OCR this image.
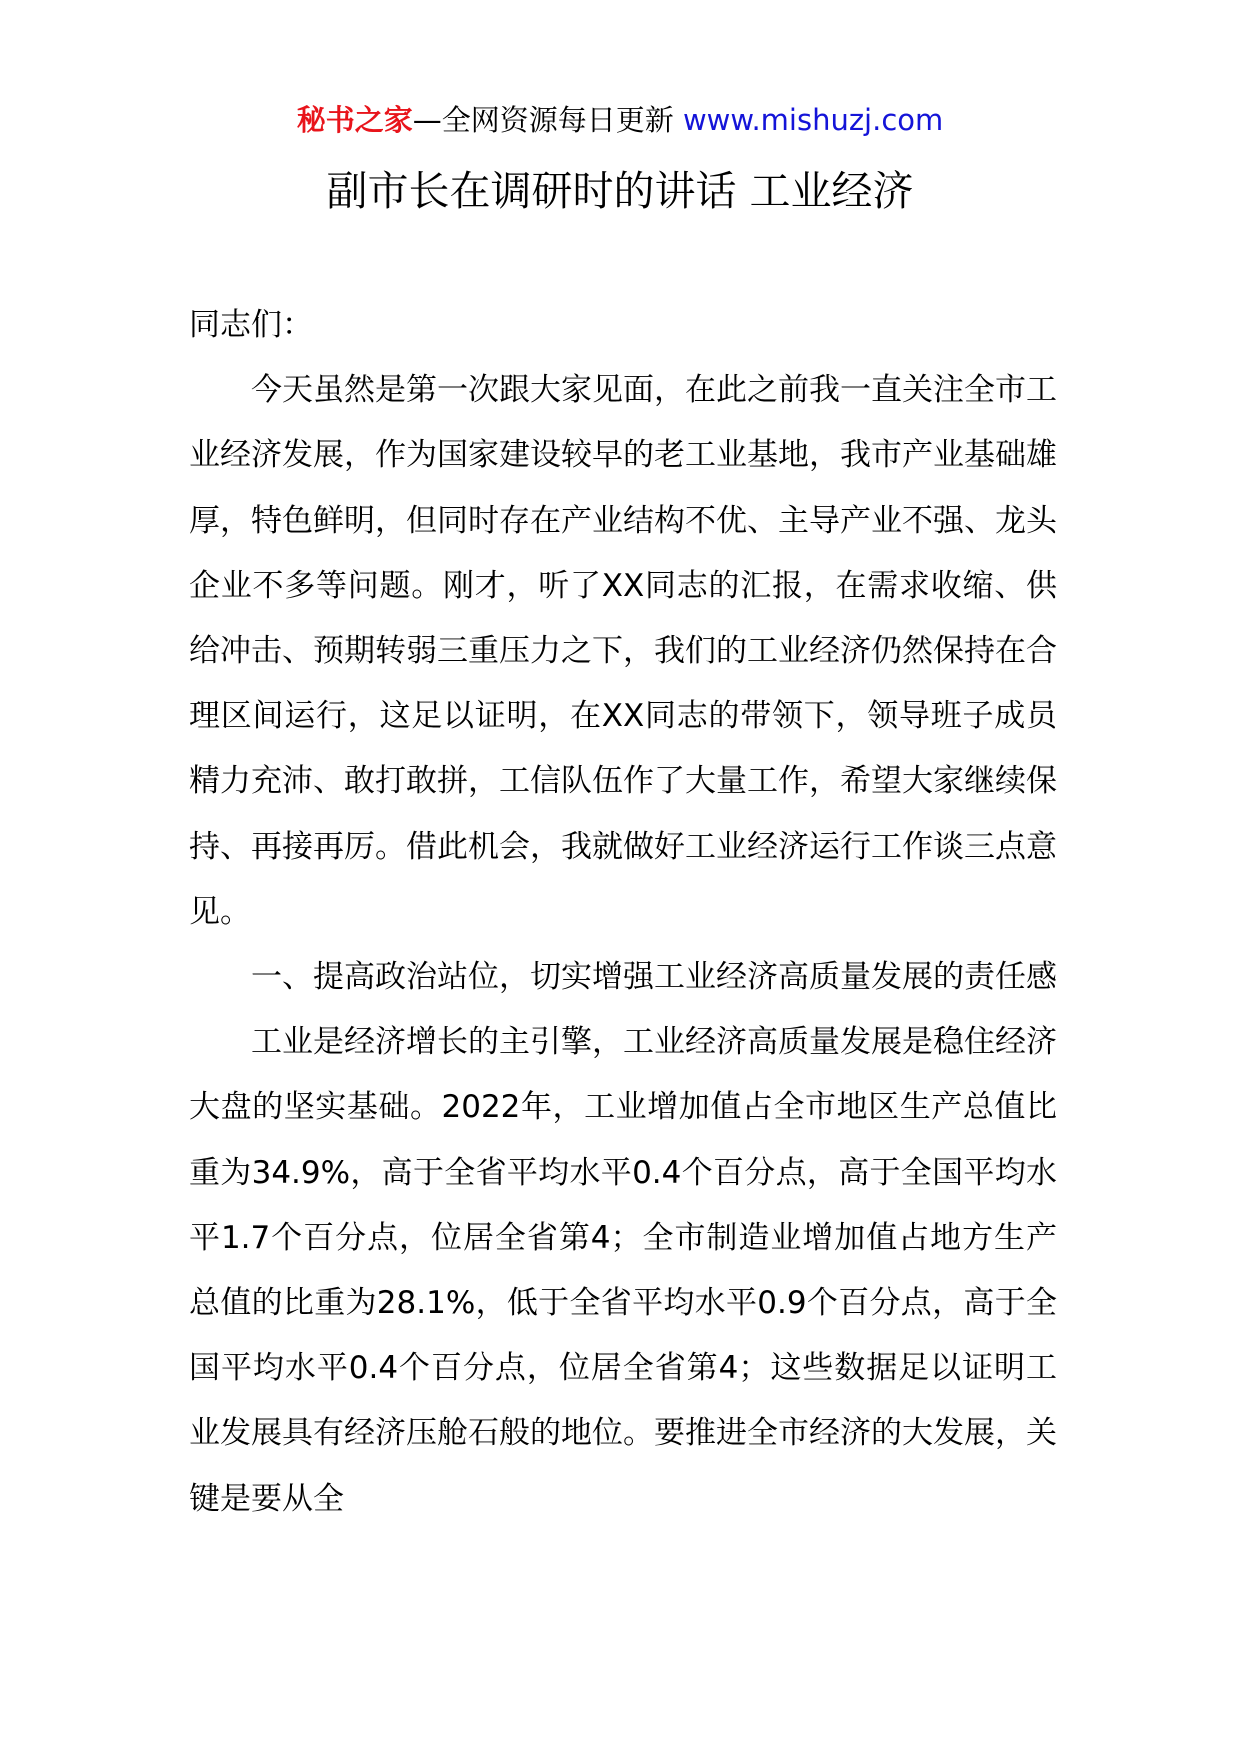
秘书之家—全网资源每日更新 www.mishuzj.com
副市长在调研时的讲话 工业经济

同志们：

今天虽然是第一次跟大家见面，在此之前我一直关注全市工业经济发展，作为国家建设较早的老工业基地，我市产业基础雄厚，特色鲜明，但同时存在产业结构不优、主导产业不强、龙头企业不多等问题。刚才，听了XX同志的汇报，在需求收缩、供给冲击、预期转弱三重压力之下，我们的工业经济仍然保持在合理区间运行，这足以证明，在XX同志的带领下，领导班子成员精力充沛、敢打敢拼，工信队伍作了大量工作，希望大家继续保持、再接再厉。借此机会，我就做好工业经济运行工作谈三点意见。

一、提高政治站位，切实增强工业经济高质量发展的责任感

工业是经济增长的主引擎，工业经济高质量发展是稳住经济大盘的坚实基础。2022年，工业增加值占全市地区生产总值比重为34.9%，高于全省平均水平0.4个百分点，高于全国平均水平1.7个百分点，位居全省第4；全市制造业增加值占地方生产总值的比重为28.1%，低于全省平均水平0.9个百分点，高于全国平均水平0.4个百分点，位居全省第4；这些数据足以证明工业发展具有经济压舱石般的地位。要推进全市经济的大发展，关键是要从全
